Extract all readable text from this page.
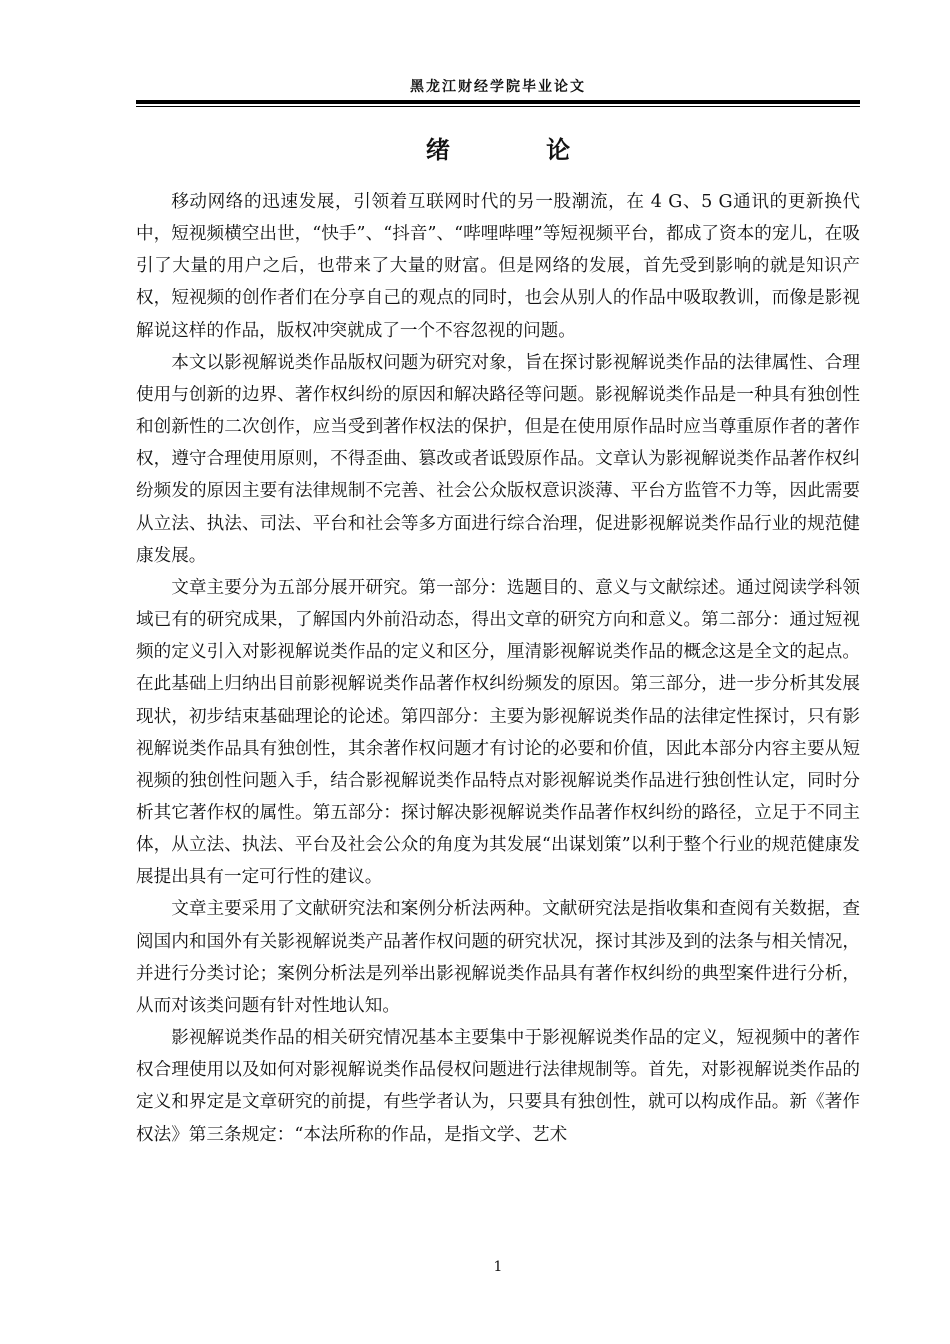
黑龙江财经学院毕业论文
绪 论

移动网络的迅速发展，引领着互联网时代的另一股潮流，在 4 G、5 G通讯的更新换代中，短视频横空出世，“快手”、“抖音”、“哔哩哔哩”等短视频平台，都成了资本的宠儿，在吸引了大量的用户之后，也带来了大量的财富。但是网络的发展，首先受到影响的就是知识产权，短视频的创作者们在分享自己的观点的同时，也会从别人的作品中吸取教训，而像是影视解说这样的作品，版权冲突就成了一个不容忽视的问题。

本文以影视解说类作品版权问题为研究对象，旨在探讨影视解说类作品的法律属性、合理使用与创新的边界、著作权纠纷的原因和解决路径等问题。影视解说类作品是一种具有独创性和创新性的二次创作，应当受到著作权法的保护，但是在使用原作品时应当尊重原作者的著作权，遵守合理使用原则，不得歪曲、篡改或者诋毁原作品。文章认为影视解说类作品著作权纠纷频发的原因主要有法律规制不完善、社会公众版权意识淡薄、平台方监管不力等，因此需要从立法、执法、司法、平台和社会等多方面进行综合治理，促进影视解说类作品行业的规范健康发展。

文章主要分为五部分展开研究。第一部分：选题目的、意义与文献综述。通过阅读学科领域已有的研究成果，了解国内外前沿动态，得出文章的研究方向和意义。第二部分：通过短视频的定义引入对影视解说类作品的定义和区分，厘清影视解说类作品的概念这是全文的起点。在此基础上归纳出目前影视解说类作品著作权纠纷频发的原因。第三部分，进一步分析其发展现状，初步结束基础理论的论述。第四部分：主要为影视解说类作品的法律定性探讨，只有影视解说类作品具有独创性，其余著作权问题才有讨论的必要和价值，因此本部分内容主要从短视频的独创性问题入手，结合影视解说类作品特点对影视解说类作品进行独创性认定，同时分析其它著作权的属性。第五部分：探讨解决影视解说类作品著作权纠纷的路径，立足于不同主体，从立法、执法、平台及社会公众的角度为其发展“出谋划策”以利于整个行业的规范健康发展提出具有一定可行性的建议。

文章主要采用了文献研究法和案例分析法两种。文献研究法是指收集和查阅有关数据，查阅国内和国外有关影视解说类产品著作权问题的研究状况，探讨其涉及到的法条与相关情况，并进行分类讨论；案例分析法是列举出影视解说类作品具有著作权纠纷的典型案件进行分析，从而对该类问题有针对性地认知。

影视解说类作品的相关研究情况基本主要集中于影视解说类作品的定义，短视频中的著作权合理使用以及如何对影视解说类作品侵权问题进行法律规制等。首先，对影视解说类作品的定义和界定是文章研究的前提，有些学者认为，只要具有独创性，就可以构成作品。新《著作权法》第三条规定：“本法所称的作品，是指文学、艺术

1
